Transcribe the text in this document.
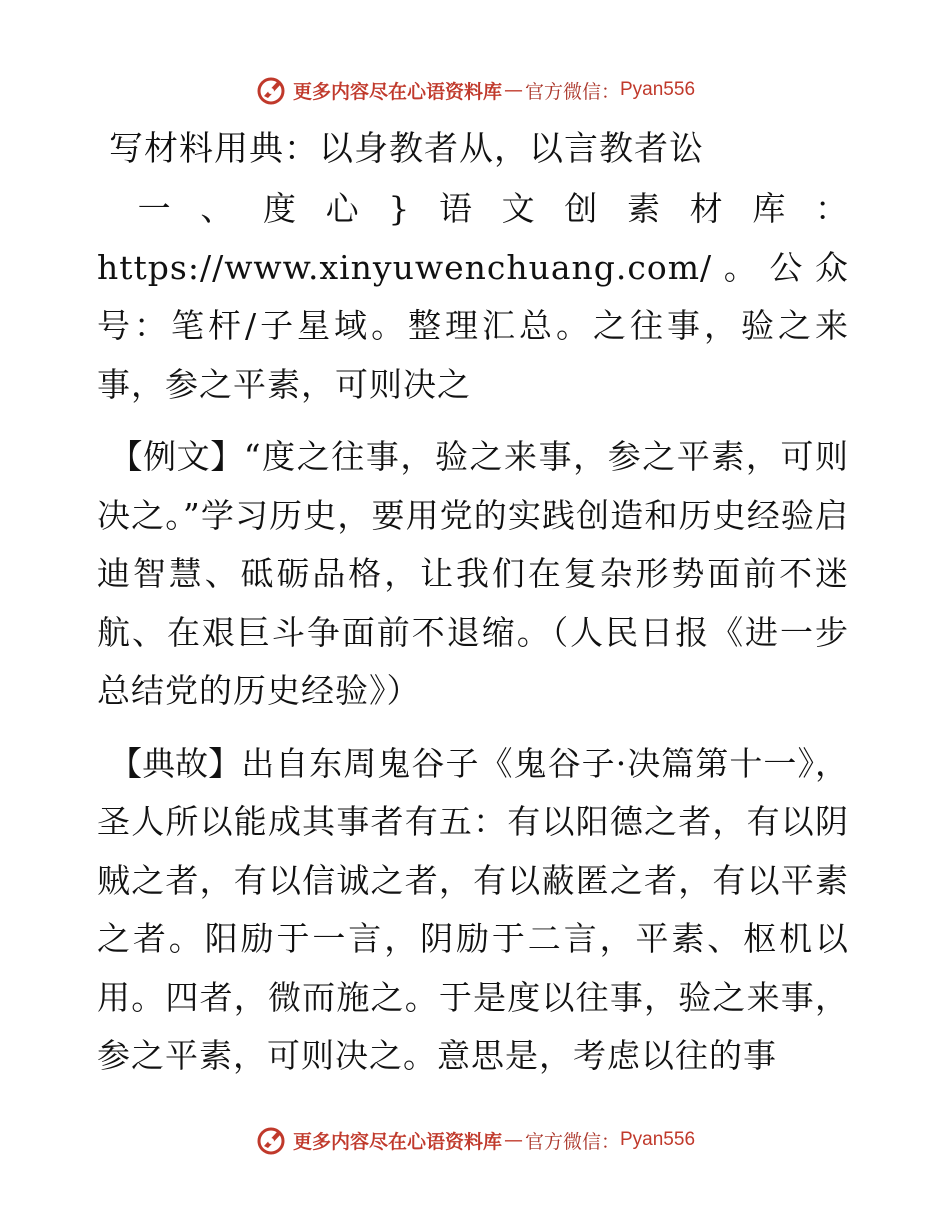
更多内容尽在心语资料库 — 官方微信： Pyan556
写材料用典：以身教者从，以言教者讼
一、度心}语文创素材库：https://www.xinyuwenchuang.com/。公众号：笔杆/子星域。整理汇总。之往事，验之来事，参之平素，可则决之
【例文】“度之往事，验之来事，参之平素，可则决之。”学习历史，要用党的实践创造和历史经验启迪智慧、砥砺品格，让我们在复杂形势面前不迷航、在艰巨斗争面前不退缩。（人民日报《进一步总结党的历史经验》）
【典故】出自东周鬼谷子《鬼谷子·决篇第十一》，圣人所以能成其事者有五：有以阳德之者，有以阴贼之者，有以信诚之者，有以蔽匿之者，有以平素之者。阳励于一言，阴励于二言，平素、枢机以用。四者，微而施之。于是度以往事，验之来事，参之平素，可则决之。意思是，考虑以往的事
更多内容尽在心语资料库 — 官方微信： Pyan556
